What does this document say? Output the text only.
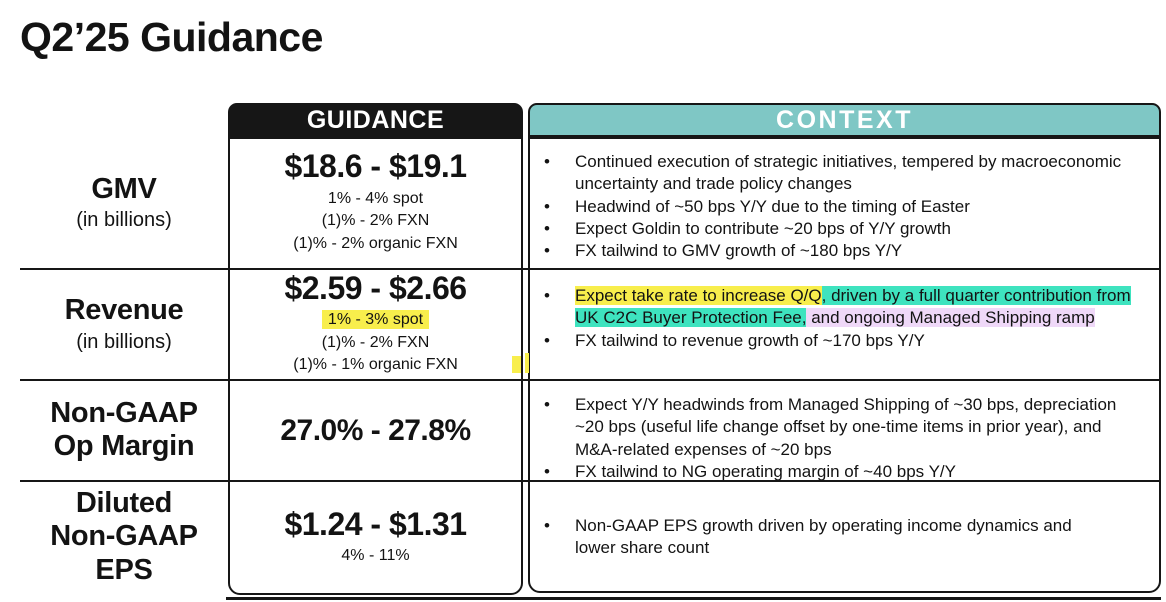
Q2’25 Guidance
GUIDANCE	CONTEXT
GMV
(in billions)
Revenue
(in billions)
Non-GAAP
Op Margin
Diluted
Non-GAAP
EPS
$18.6 - $19.1
1% - 4% spot
(1)% - 2% FXN
(1)% - 2% organic FXN
$2.59 - $2.66
1% - 3% spot
(1)% - 2% FXN
(1)% - 1% organic FXN
27.0% - 27.8%
$1.24 - $1.31
4% - 11%
• Continued execution of strategic initiatives, tempered by macroeconomic uncertainty and trade policy changes
• Headwind of ~50 bps Y/Y due to the timing of Easter
• Expect Goldin to contribute ~20 bps of Y/Y growth
• FX tailwind to GMV growth of ~180 bps Y/Y
• Expect take rate to increase Q/Q, driven by a full quarter contribution from UK C2C Buyer Protection Fee, and ongoing Managed Shipping ramp
• FX tailwind to revenue growth of ~170 bps Y/Y
• Expect Y/Y headwinds from Managed Shipping of ~30 bps, depreciation ~20 bps (useful life change offset by one-time items in prior year), and M&A-related expenses of ~20 bps
• FX tailwind to NG operating margin of ~40 bps Y/Y
• Non-GAAP EPS growth driven by operating income dynamics and lower share count
